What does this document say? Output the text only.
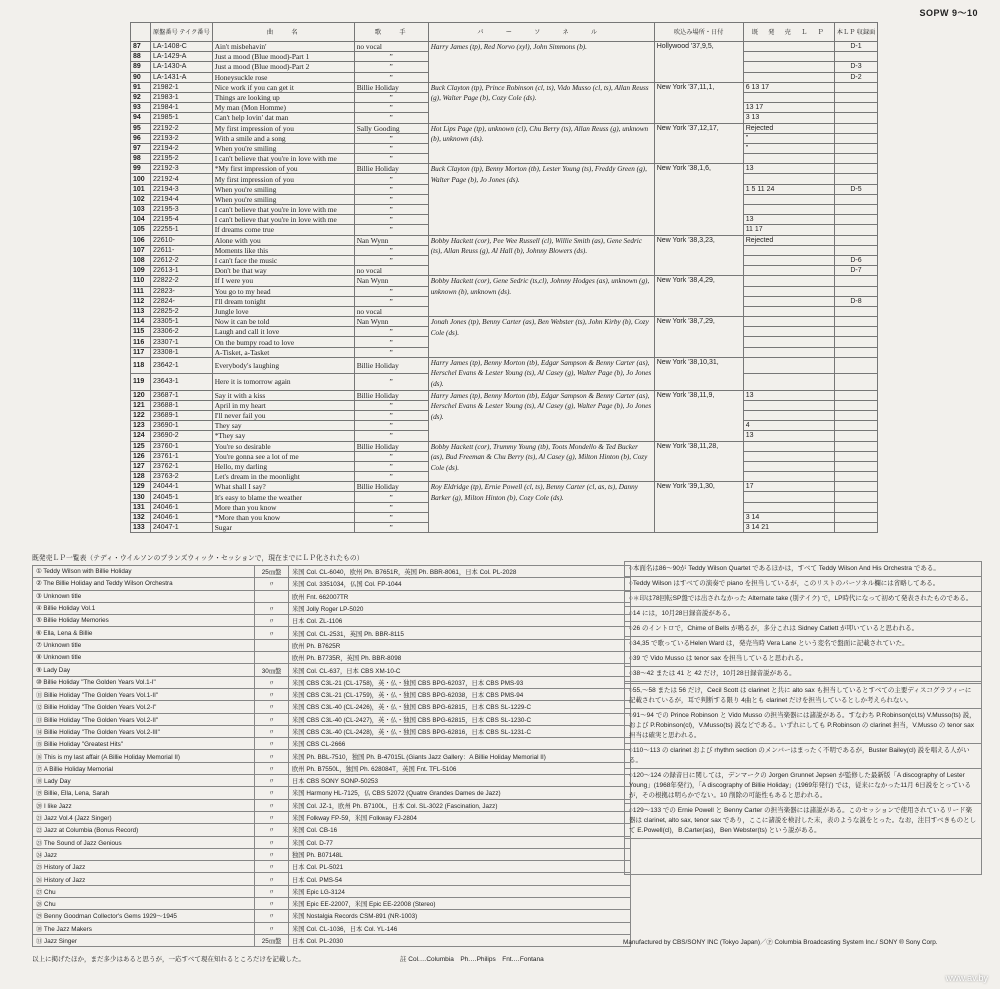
SOPW 9～10
	原盤番号 テイク番号	曲　　名	歌　　手	パ　ー　ソ　ネ　ル	吹込み場所・日付	既　発　売　Ｌ　Ｐ	本ＬＰ 収録面
87	LA-1408-C	Ain't misbehavin'	no vocal	Harry James (tp), Red Norvo (xyl), John Simmons (b).	Hollywood '37,9,5,		D-1
88	LA-1429-A	Just a mood (Blue mood)-Part 1	”				
89	LA-1430-A	Just a mood (Blue mood)-Part 2	”				D-3
90	LA-1431-A	Honeysuckle rose	”				D-2
91	21982-1	Nice work if you can get it	Billie Holiday	Buck Clayton (tp), Prince Robinson (cl, ts), Vido Musso (cl, ts), Allan Reuss (g), Walter Page (b), Cozy Cole (ds).	New York '37,11,1,	6 13 17	
92	21983-1	Things are looking up	”				
93	21984-1	My man (Mon Homme)	”			13 17	
94	21985-1	Can't help lovin' dat man	”			3 13	
95	22192-2	My first impression of you	Sally Gooding	Hot Lips Page (tp), unknown (cl), Chu Berry (ts), Allan Reuss (g), unknown (b), unknown (ds).	New York '37,12,17,	Rejected	
96	22193-2	With a smile and a song	”			”	
97	22194-2	When you're smiling	”			”	
98	22195-2	I can't believe that you're in love with me	”				
99	22192-3	*My first impression of you	Billie Holiday	Buck Clayton (tp), Benny Morton (tb), Lester Young (ts), Freddy Green (g), Walter Page (b), Jo Jones (ds).	New York '38,1,6,	13	
100	22192-4	My first impression of you	”				
101	22194-3	When you're smiling	”			1 5 11 24	D-5
102	22194-4	When you're smiling	”				
103	22195-3	I can't believe that you're in love with me	”				
104	22195-4	I can't believe that you're in love with me	”			13	
105	22255-1	If dreams come true	”			11 17	
106	22610-	Alone with you	Nan Wynn	Bobby Hackett (cor), Pee Wee Russell (cl), Willie Smith (as), Gene Sedric (ts), Allan Reuss (g), Al Hall (b), Johnny Blowers (ds).	New York '38,3,23,	Rejected	
107	22611-	Moments like this	”				
108	22612-2	I can't face the music	”				D-6
109	22613-1	Don't be that way	no vocal				D-7
110	22822-2	If I were you	Nan Wynn	Bobby Hackett (cor), Gene Sedric (ts,cl), Johnny Hodges (as), unknown (g), unknown (b), unknown (ds).	New York '38,4,29,		
111	22823-	You go to my head	”				
112	22824-	I'll dream tonight	”				D-8
113	22825-2	Jungle love	no vocal				
114	23305-1	Now it can be told	Nan Wynn	Jonah Jones (tp), Benny Carter (as), Ben Webster (ts), John Kirby (b), Cozy Cole (ds).	New York '38,7,29,		
115	23306-2	Laugh and call it love	”				
116	23307-1	On the bumpy road to love	”				
117	23308-1	A-Tisket, a-Tasket	”				
118	23642-1	Everybody's laughing	Billie Holiday	Harry James (tp), Benny Morton (tb), Edgar Sampson & Benny Carter (as), Herschel Evans & Lester Young (ts), Al Casey (g), Walter Page (b), Jo Jones (ds).	New York '38,10,31,		
119	23643-1	Here it is tomorrow again	”				
120	23687-1	Say it with a kiss	Billie Holiday	Harry James (tp), Benny Morton (tb), Edgar Sampson & Benny Carter (as), Herschel Evans & Lester Young (ts), Al Casey (g), Walter Page (b), Jo Jones (ds).	New York '38,11,9,	13	
121	23688-1	April in my heart	”				
122	23689-1	I'll never fail you	”				
123	23690-1	They say	”			4	
124	23690-2	*They say	”			13	
125	23760-1	You're so desirable	Billie Holiday	Bobby Hackett (cor), Trummy Young (tb), Toots Mondello & Ted Bucker (as), Bud Freeman & Chu Berry (ts), Al Casey (g), Milton Hinton (b), Cozy Cole (ds).	New York '38,11,28,		
126	23761-1	You're gonna see a lot of me	”				
127	23762-1	Hello, my darling	”				
128	23763-2	Let's dream in the moonlight	”				
129	24044-1	What shall I say?	Billie Holiday	Roy Eldridge (tp), Ernie Powell (cl, ts), Benny Carter (cl, as, ts), Danny Barker (g), Milton Hinton (b), Cozy Cole (ds).	New York '39,1,30,	17	
130	24045-1	It's easy to blame the weather	”				
131	24046-1	More than you know	”				
132	24046-1	*More than you know	”			3 14	
133	24047-1	Sugar	”			3 14 21	
既発売ＬＰ一覧表（テディ・ウイルソンのブランズウィック・セッションで，現在までにＬＰ化されたもの）
① Teddy Wilson with Billie Holiday	25㎝盤	米国 Col. CL-6040，欧州 Ph. B7651R，英国 Ph. BBR-8061，日本 Col. PL-2028
② The Billie Holiday and Teddy Wilson Orchestra	〃	米国 Col. 3351034，仏国 Col. FP-1044
③ Unknown title		欧州 Fnt. 662007TR
④ Billie Holiday Vol.1	〃	米国 Jolly Roger LP-5020
⑤ Billie Holiday Memories	〃	日本 Col. ZL-1106
⑥ Ella, Lena & Billie	〃	米国 Col. CL-2531，英国 Ph. BBR-8115
⑦ Unknown title		欧州 Ph. B7625R
⑧ Unknown title		欧州 Ph. B7735R，英国 Ph. BBR-8098
⑨ Lady Day	30㎝盤	米国 Col. CL-637，日本 CBS XM-10-C
⑩ Billie Holiday "The Golden Years Vol.1-I"	〃	米国 CBS C3L-21 (CL-1758)，英・仏・独国 CBS BPG-62037，日本 CBS PMS-93
⑪ Billie Holiday "The Golden Years Vol.1-II"	〃	米国 CBS C3L-21 (CL-1759)，英・仏・独国 CBS BPG-62038，日本 CBS PMS-94
⑫ Billie Holiday "The Golden Years Vol.2-I"	〃	米国 CBS C3L-40 (CL-2426)，英・仏・独国 CBS BPG-62815，日本 CBS SL-1229-C
⑬ Billie Holiday "The Golden Years Vol.2-II"	〃	米国 CBS C3L-40 (CL-2427)，英・仏・独国 CBS BPG-62815，日本 CBS SL-1230-C
⑭ Billie Holiday "The Golden Years Vol.2-III"	〃	米国 CBS C3L-40 (CL-2428)，英・仏・独国 CBS BPG-62816，日本 CBS SL-1231-C
⑮ Billie Holiday "Greatest Hits"	〃	米国 CBS CL-2666
⑯ This is my last affair (A Billie Holiday Memorial II)	〃	米国 Ph. BBL-7510，独国 Ph. B-47015L (Giants Jazz Gallery：A Billie Holiday Memorial II)
⑰ A Billie Holiday Memorial	〃	欧州 Ph. B7550L，独国 Ph. 628084T，英国 Fnt. TFL-5106
⑱ Lady Day	〃	日本 CBS SONY SONP-50253
⑲ Billie, Ella, Lena, Sarah	〃	米国 Harmony HL-7125，仏 CBS 52072 (Quatre Grandes Dames de Jazz)
⑳ I like Jazz	〃	米国 Col. JZ-1，欧州 Ph. B7100L，日本 Col. SL-3022 (Fascination, Jazz)
㉑ Jazz Vol.4 (Jazz Singer)	〃	米国 Folkway FP-59，米国 Folkway FJ-2804
㉒ Jazz at Columbia (Bonus Record)	〃	米国 Col. CB-16
㉓ The Sound of Jazz Genious	〃	米国 Col. D-77
㉔ Jazz	〃	独国 Ph. B07148L
㉕ History of Jazz	〃	日本 Col. PL-5021
㉖ History of Jazz	〃	日本 Col. PMS-54
㉗ Chu	〃	米国 Epic LG-3124
㉘ Chu	〃	米国 Epic EE-22007，米国 Epic EE-22008 (Stereo)
㉙ Benny Goodman Collector's Gems 1929～1945	〃	米国 Nostalgia Records CSM-891 (NR-1003)
㉚ The Jazz Makers	〃	米国 Col. CL-1036，日本 Col. YL-146
㉛ Jazz Singer	25㎝盤	日本 Col. PL-2030
以上に掲げたほか，まだ多少はあると思うが，一応すべて現在知れるところだけを記載した。	註 Col.…Columbia　Ph.…Philips　Fnt.…Fontana
○本面名は86～90が Teddy Wilson Quartet であるほかは，すべて Teddy Wilson And His Orchestra である。
○Teddy Wilson はすべての演奏で piano を担当しているが，このリストのパーソネル欄には省略してある。
○＊印は78回転SP盤では出されなかった Alternate take (別テイク) で，LP時代になって初めて発表されたものである。
○14 には，10月28日録音説がある。
○26 のイントロで，Chime of Bells が鳴るが，多分これは Sidney Catlett が叩いていると思われる。
○34,35 で歌っているHelen Ward は，発売当時 Vera Lane という変名で盤面に記載されていた。
○39 で Vido Musso は tenor sax を担当していると思われる。
○38～42 または 41 と 42 だけ，10月28日録音説がある。
○55,～58 または 56 だけ，Cecil Scott は clarinet と共に alto sax も担当しているとすべての主要ディスコグラフィーに記載されているが，耳で判断する限り 4曲とも clarinet だけを担当しているとしか考えられない。
○91～94 での Prince Robinson と Vido Musso の担当楽器には諸説がある。すなわち P.Robinson(cl,ts) V.Musso(ts) 説，および P.Robinson(cl)，V.Musso(ts) 説などである。いずれにしても P.Robinson の clarinet 担当，V.Musso の tenor sax 担当は確実と思われる。
○110～113 の clarinet および rhythm section のメンバーはまったく不明であるが，Buster Bailey(cl) 説を唱える人がいる。
○120～124 の録音日に関しては，デンマークの Jorgen Grunnet Jepsen が監修した最新版「A discography of Lester Young」(1968年発行)，「A discography of Billie Holiday」(1969年発行) では，従来になかった11月 6日説をとっているが，その根拠は明らかでない。10 削除の可能性もあると思われる。
○129～133 での Ernie Powell と Benny Carter の担当楽器には諸説がある。このセッションで使用されているリード楽器は clarinet, alto sax, tenor sax であり，ここに諸説を検討した末，表のような説をとった。なお，注目すべきものとして E.Powell(cl)，B.Carter(as)，Ben Webster(ts) という説がある。
Manufactured by CBS/SONY INC (Tokyo Japan)／Ⓟ Columbia Broadcasting System Inc./ SONY ® Sony Corp.
www.av.by
